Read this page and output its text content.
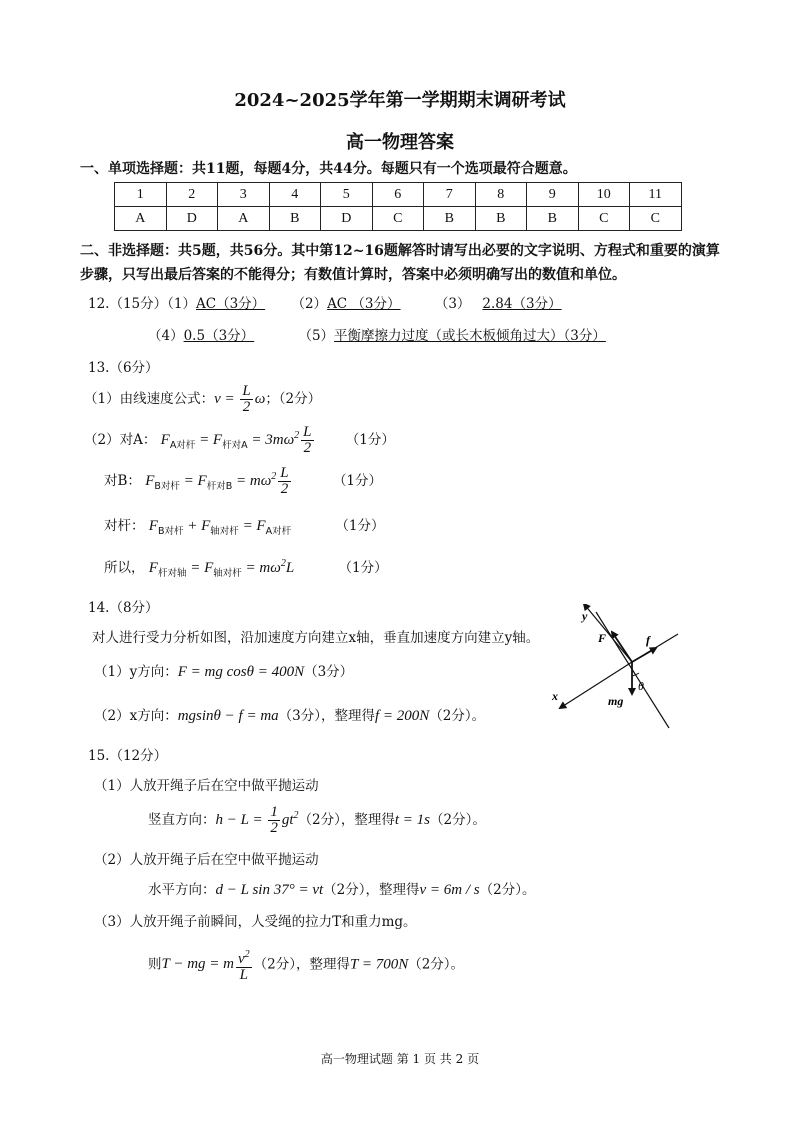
2024~2025学年第一学期期末调研考试
高一物理答案
一、单项选择题：共11题，每题4分，共44分。每题只有一个选项最符合题意。
1	2	3	4	5	6	7	8	9	10	11
A	D	A	B	D	C	B	B	B	C	C
二、非选择题：共5题，共56分。其中第12~16题解答时请写出必要的文字说明、方程式和重要的演算
步骤，只写出最后答案的不能得分；有数值计算时，答案中必须明确写出的数值和单位。
12.（15分）（1）AC（3分） （2）AC （3分）	（3） 2.84（3分）
（4）0.5（3分）	（5）平衡摩擦力过度（或长木板倾角过大）（3分）
13.（6分）
（1）由线速度公式：$v = \frac{L}{2}$ ω；（2分）
（2）对A： $F_{A对杆} = F_{杆对A} = 3m\omega^2 \frac{L}{2} (1$分）
对B： $F_{B对杆} = F_{杆对B} = m\omega^2 \frac{L}{2}$	（1分）
对杆： $F_{B对杆} + F_{轴对杆} = F_{A对杆}$	（1分）
所以， $F_{杆对轴} = F_{轴对杆} = m\omega^2L$	（1分）
14.（8分）
对人进行受力分析如图，沿加速度方向建立x轴，垂直加速度方向建立y轴。
（1）y方向：F = mg cosθ = 400N（3分）
（2）x方向：mgsinθ − f = ma（3分），整理得f = 200N（2分）。
y
x
F	f
θ
mg
15.（12分）
（1）人放开绳子后在空中做平抛运动
竖直方向：$h - L = \frac{1}{2} gt^2(2$分），整理得t = 1s（2分）。
（2）人放开绳子后在空中做平抛运动
水平方向：d − L sin 37° = vt（2分），整理得v = 6m / s（2分）。
（3）人放开绳子前瞬间，人受绳的拉力T和重力mg。
则T − mg = m $\frac{v^2}{L} (2$分），整理得T = 700N（2分）。
高一物理试题 第 1 页 共 2 页
